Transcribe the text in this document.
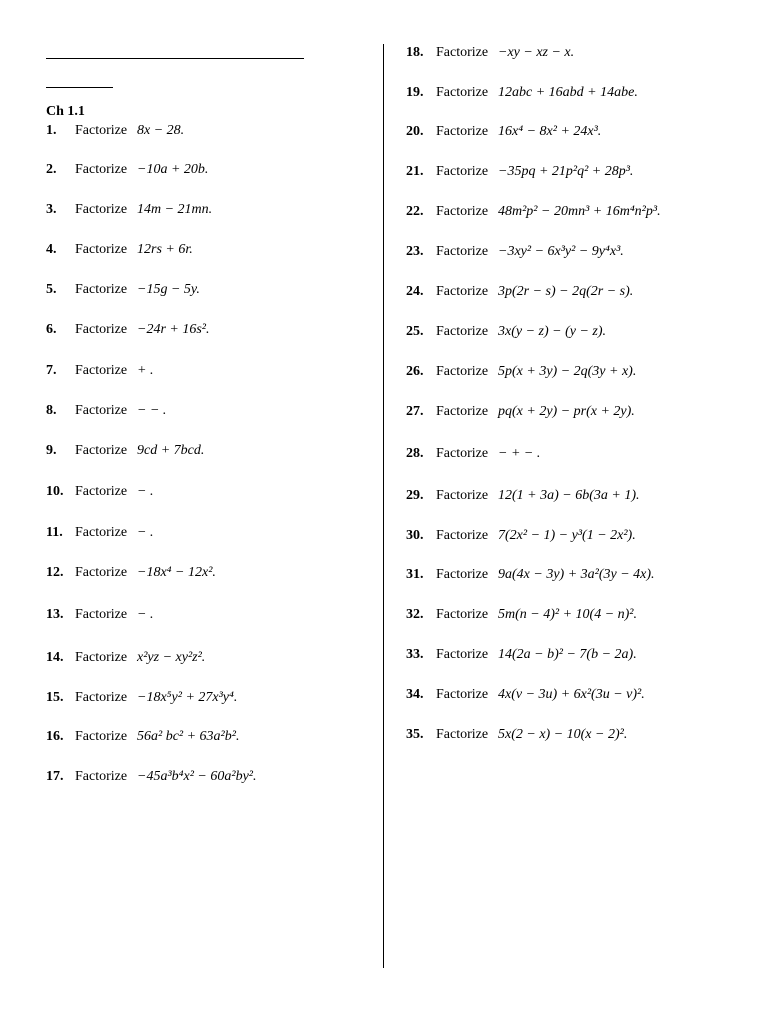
Ch 1.1
1. Factorize 8x − 28.
2. Factorize −10a + 20b.
3. Factorize 14m − 21mn.
4. Factorize 12rs + 6r.
5. Factorize −15g − 5y.
6. Factorize −24r + 16s².
7. Factorize + .
8. Factorize − − .
9. Factorize 9cd + 7bcd.
10. Factorize − .
11. Factorize − .
12. Factorize −18x⁴ − 12x².
13. Factorize − .
14. Factorize x²yz − xy²z².
15. Factorize −18x⁵y² + 27x³y⁴.
16. Factorize 56a² bc² + 63a²b².
17. Factorize −45a³b⁴x² − 60a²by².
18. Factorize −xy − xz − x.
19. Factorize 12abc + 16abd + 14abe.
20. Factorize 16x⁴ − 8x² + 24x³.
21. Factorize −35pq + 21p²q² + 28p³.
22. Factorize 48m²p² − 20mn³ + 16m⁴n²p³.
23. Factorize −3xy² − 6x³y² − 9y⁴x³.
24. Factorize 3p(2r − s) − 2q(2r − s).
25. Factorize 3x(y − z) − (y − z).
26. Factorize 5p(x + 3y) − 2q(3y + x).
27. Factorize pq(x + 2y) − pr(x + 2y).
28. Factorize − + − .
29. Factorize 12(1 + 3a) − 6b(3a + 1).
30. Factorize 7(2x² − 1) − y³(1 − 2x²).
31. Factorize 9a(4x − 3y) + 3a²(3y − 4x).
32. Factorize 5m(n − 4)² + 10(4 − n)².
33. Factorize 14(2a − b)² − 7(b − 2a).
34. Factorize 4x(v − 3u) + 6x²(3u − v)².
35. Factorize 5x(2 − x) − 10(x − 2)².
